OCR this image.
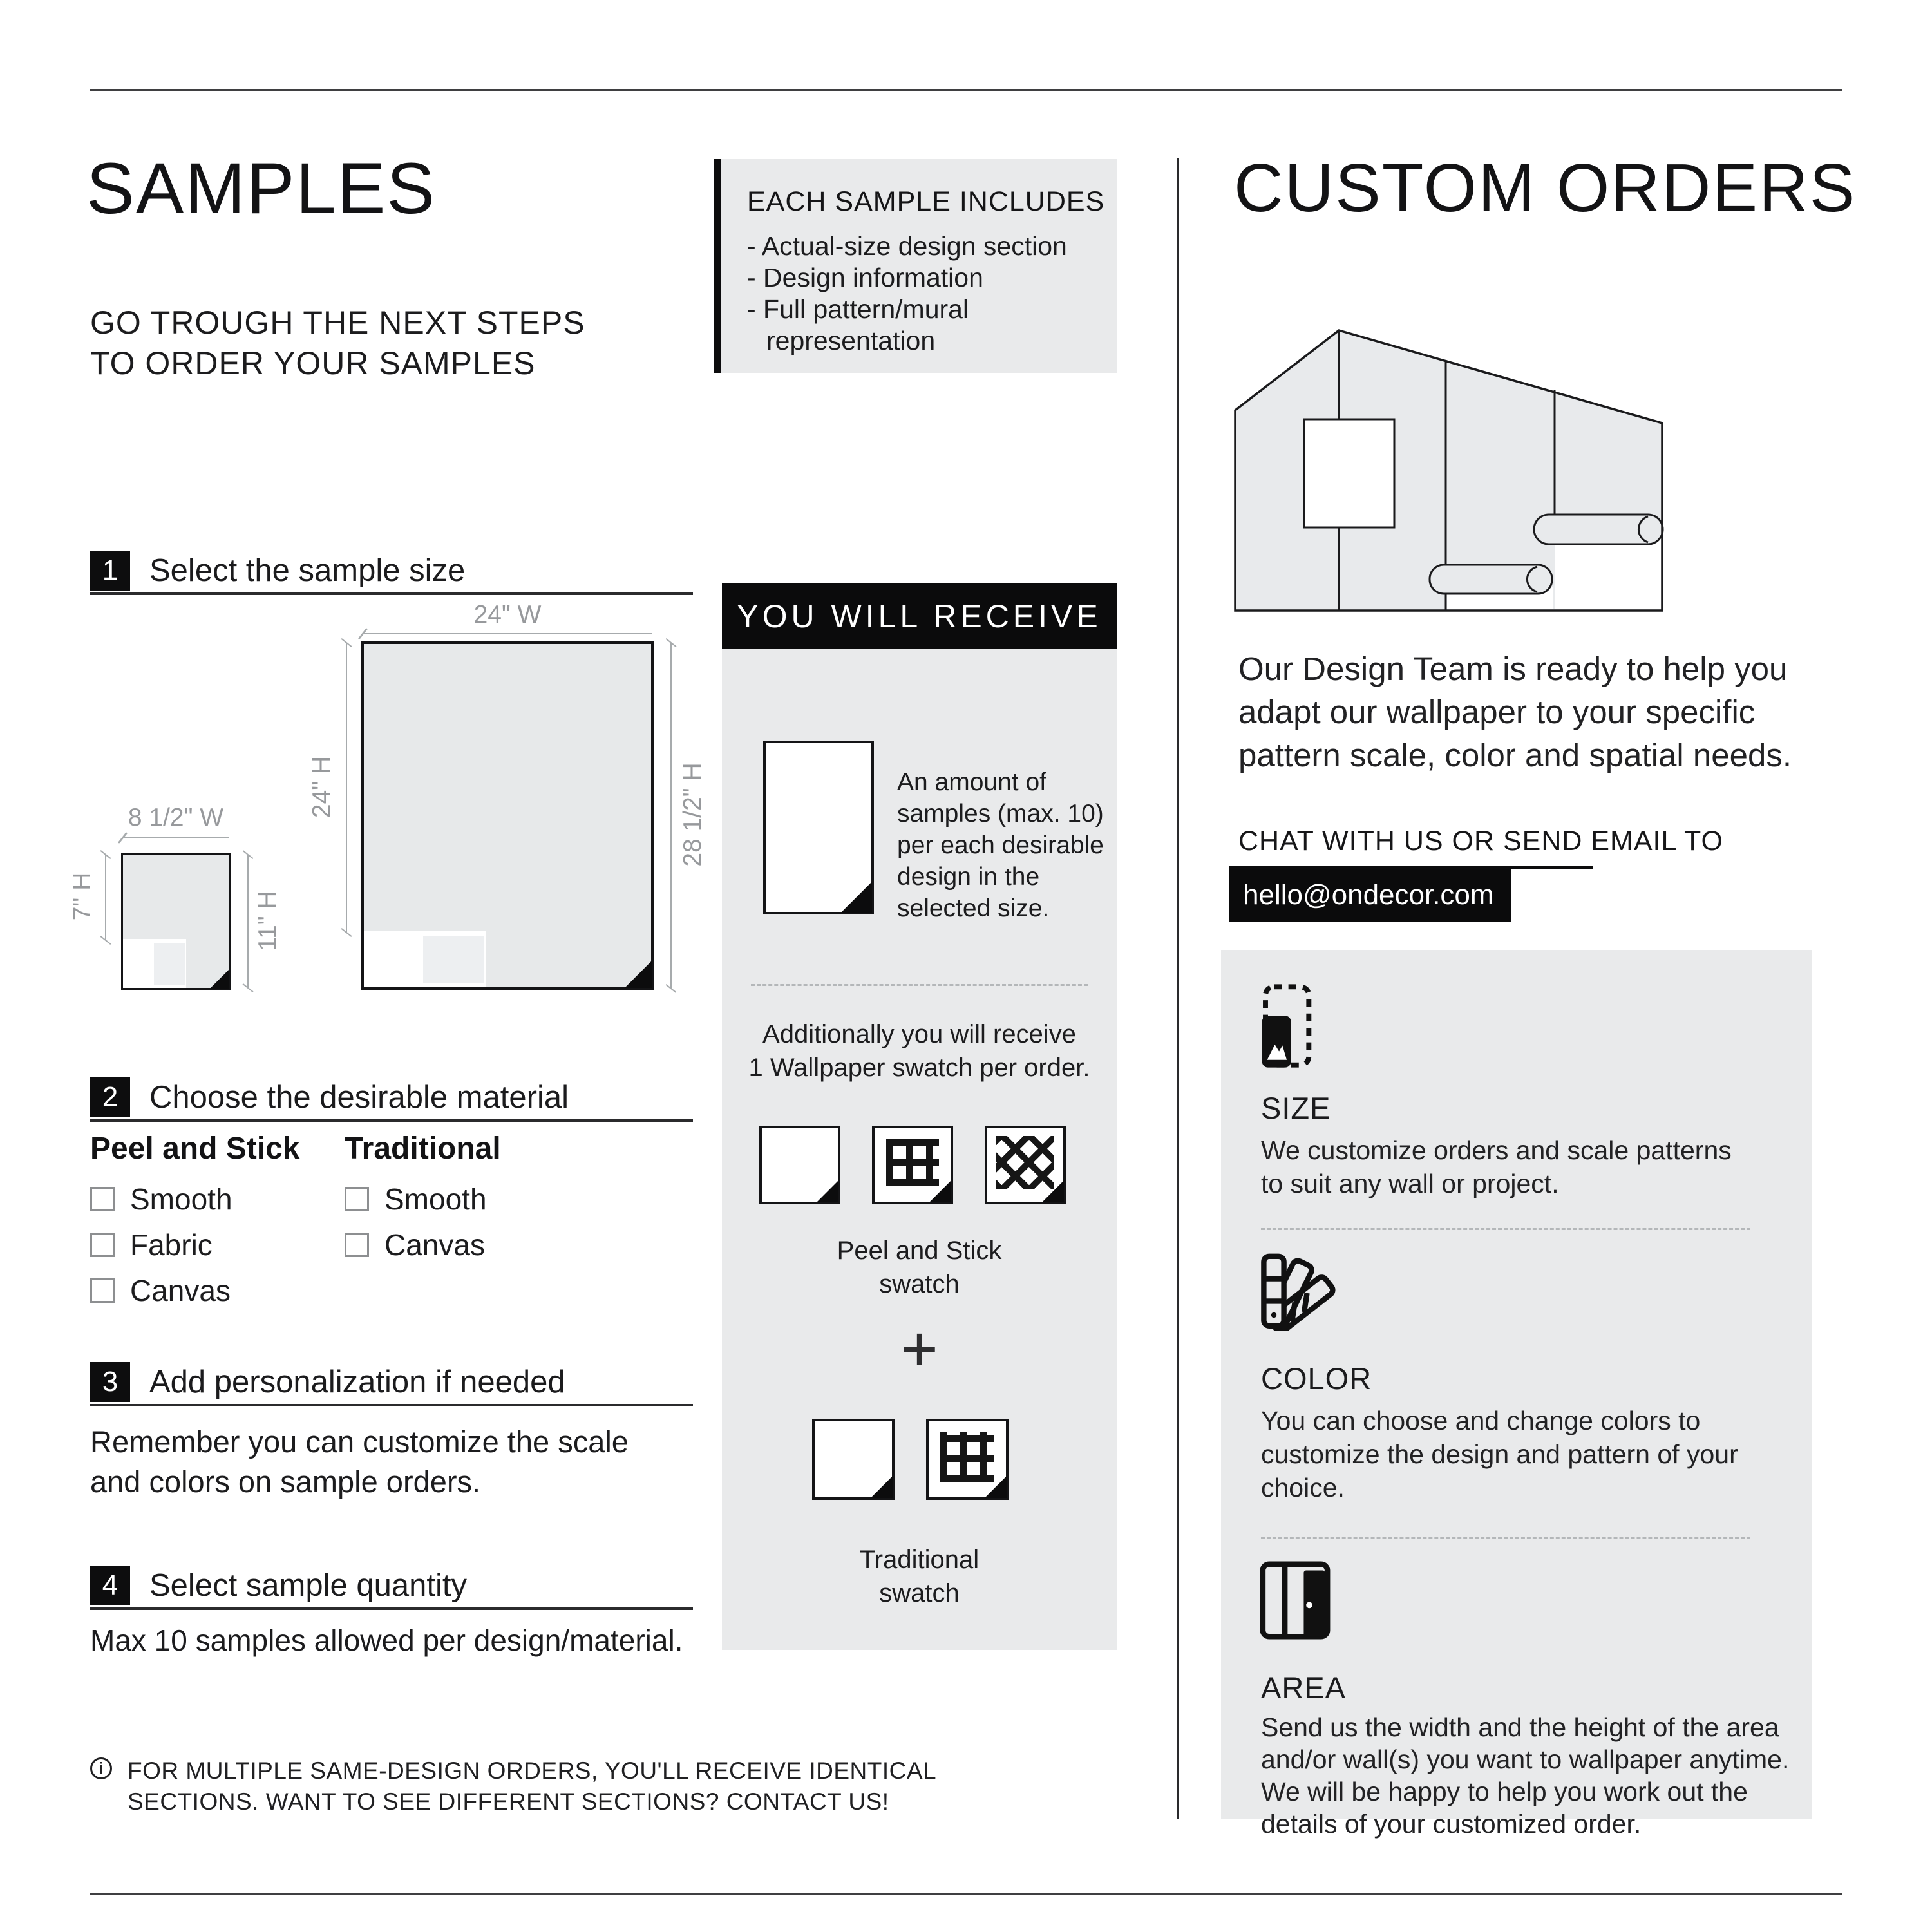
SAMPLES
GO TROUGH THE NEXT STEPS
TO ORDER YOUR SAMPLES

EACH SAMPLE INCLUDES

- Actual-size design section
- Design information
- Full pattern/mural representation
1 Select the sample size
24" W
24" H	28 1/2" H
8 1/2" W
7" H	11" H
2 Choose the desirable material
Peel and Stick
Smooth
Fabric
Canvas
Traditional
Smooth
Canvas
3 Add personalization if needed
Remember you can customize the scale
and colors on sample orders.
4 Select sample quantity
Max 10 samples allowed per design/material.
i	FOR MULTIPLE SAME-DESIGN ORDERS, YOU'LL RECEIVE IDENTICAL
SECTIONS. WANT TO SEE DIFFERENT SECTIONS? CONTACT US!
YOU WILL RECEIVE
An amount of
samples (max. 10)
per each desirable
design in the
selected size.
Additionally you will receive
1 Wallpaper swatch per order.
Peel and Stick
swatch
+
Traditional
swatch
CUSTOM ORDERS
Our Design Team is ready to help you
adapt our wallpaper to your specific
pattern scale, color and spatial needs.
CHAT WITH US OR SEND EMAIL TO
hello@ondecor.com
SIZE
We customize orders and scale patterns
to suit any wall or project.
COLOR
You can choose and change colors to
customize the design and pattern of your
choice.
AREA
Send us the width and the height of the area
and/or wall(s) you want to wallpaper anytime.
We will be happy to help you work out the
details of your customized order.
